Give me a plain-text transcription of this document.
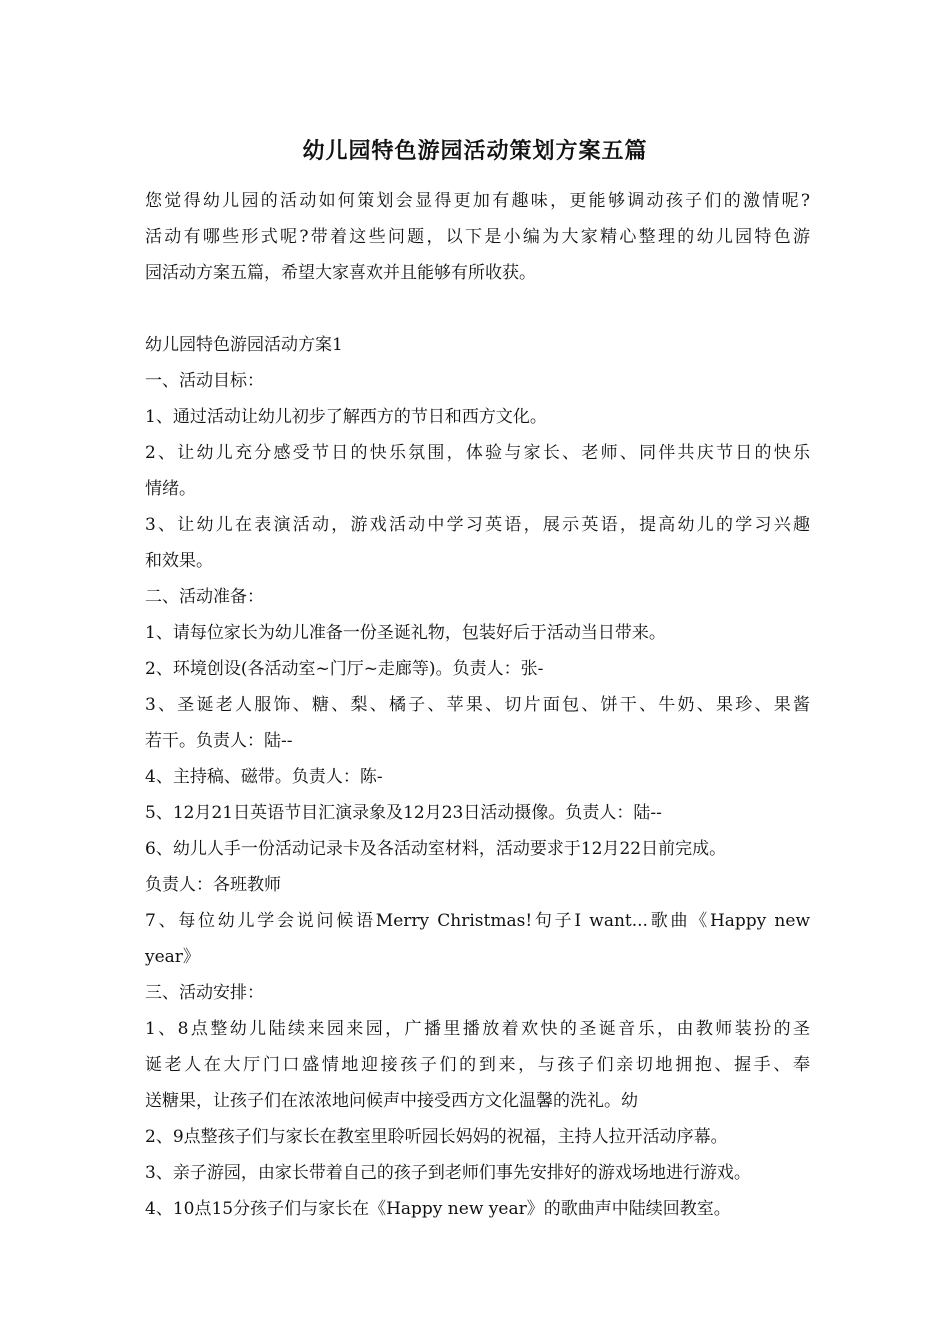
幼儿园特色游园活动策划方案五篇

您觉得幼儿园的活动如何策划会显得更加有趣味，更能够调动孩子们的激情呢?

活动有哪些形式呢?带着这些问题，以下是小编为大家精心整理的幼儿园特色游

园活动方案五篇，希望大家喜欢并且能够有所收获。

幼儿园特色游园活动方案1

一、活动目标：

1、通过活动让幼儿初步了解西方的节日和西方文化。

2、让幼儿充分感受节日的快乐氛围，体验与家长、老师、同伴共庆节日的快乐

情绪。

3、让幼儿在表演活动，游戏活动中学习英语，展示英语，提高幼儿的学习兴趣

和效果。

二、活动准备：

1、请每位家长为幼儿准备一份圣诞礼物，包装好后于活动当日带来。

2、环境创设(各活动室~门厅~走廊等)。负责人：张-

3、圣诞老人服饰、糖、梨、橘子、苹果、切片面包、饼干、牛奶、果珍、果酱

若干。负责人：陆--

4、主持稿、磁带。负责人：陈-

5、12月21日英语节目汇演录象及12月23日活动摄像。负责人：陆--

6、幼儿人手一份活动记录卡及各活动室材料，活动要求于12月22日前完成。

负责人：各班教师

7、每位幼儿学会说问候语Merry Christmas!句子I want...歌曲《Happy new

year》

三、活动安排：

1、8点整幼儿陆续来园来园，广播里播放着欢快的圣诞音乐，由教师装扮的圣

诞老人在大厅门口盛情地迎接孩子们的到来，与孩子们亲切地拥抱、握手、奉

送糖果，让孩子们在浓浓地问候声中接受西方文化温馨的洗礼。幼

2、9点整孩子们与家长在教室里聆听园长妈妈的祝福，主持人拉开活动序幕。

3、亲子游园，由家长带着自己的孩子到老师们事先安排好的游戏场地进行游戏。

4、10点15分孩子们与家长在《Happy new year》的歌曲声中陆续回教室。
